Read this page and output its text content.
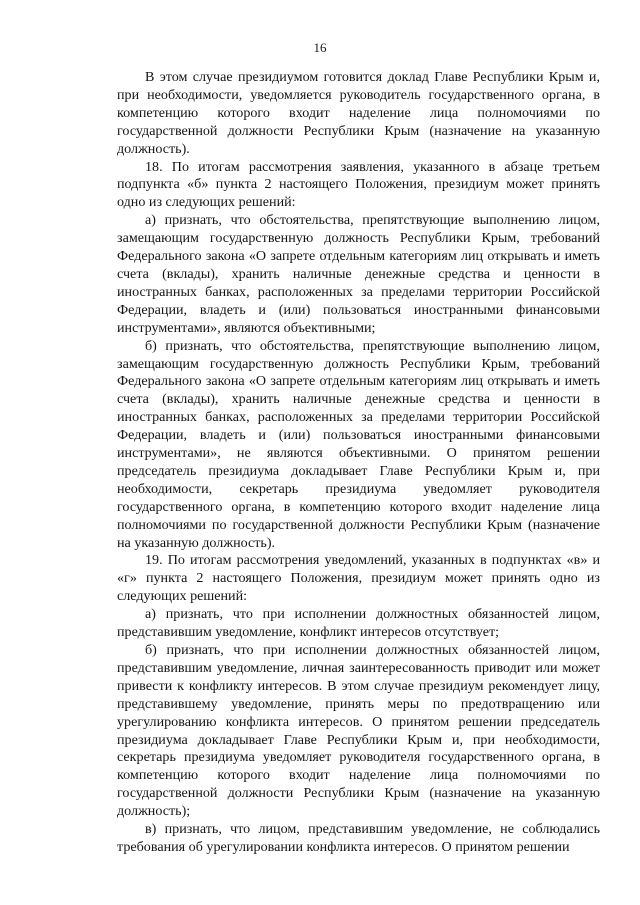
16

В этом случае президиумом готовится доклад Главе Республики Крым и, при необходимости, уведомляется руководитель государственного органа, в компетенцию которого входит наделение лица полномочиями по государственной должности Республики Крым (назначение на указанную должность).

18. По итогам рассмотрения заявления, указанного в абзаце третьем подпункта «б» пункта 2 настоящего Положения, президиум может принять одно из следующих решений:

а) признать, что обстоятельства, препятствующие выполнению лицом, замещающим государственную должность Республики Крым, требований Федерального закона «О запрете отдельным категориям лиц открывать и иметь счета (вклады), хранить наличные денежные средства и ценности в иностранных банках, расположенных за пределами территории Российской Федерации, владеть и (или) пользоваться иностранными финансовыми инструментами», являются объективными;

б) признать, что обстоятельства, препятствующие выполнению лицом, замещающим государственную должность Республики Крым, требований Федерального закона «О запрете отдельным категориям лиц открывать и иметь счета (вклады), хранить наличные денежные средства и ценности в иностранных банках, расположенных за пределами территории Российской Федерации, владеть и (или) пользоваться иностранными финансовыми инструментами», не являются объективными. О принятом решении председатель президиума докладывает Главе Республики Крым и, при необходимости, секретарь президиума уведомляет руководителя государственного органа, в компетенцию которого входит наделение лица полномочиями по государственной должности Республики Крым (назначение на указанную должность).

19. По итогам рассмотрения уведомлений, указанных в подпунктах «в» и «г» пункта 2 настоящего Положения, президиум может принять одно из следующих решений:

а) признать, что при исполнении должностных обязанностей лицом, представившим уведомление, конфликт интересов отсутствует;

б) признать, что при исполнении должностных обязанностей лицом, представившим уведомление, личная заинтересованность приводит или может привести к конфликту интересов. В этом случае президиум рекомендует лицу, представившему уведомление, принять меры по предотвращению или урегулированию конфликта интересов. О принятом решении председатель президиума докладывает Главе Республики Крым и, при необходимости, секретарь президиума уведомляет руководителя государственного органа, в компетенцию которого входит наделение лица полномочиями по государственной должности Республики Крым (назначение на указанную должность);

в) признать, что лицом, представившим уведомление, не соблюдались требования об урегулировании конфликта интересов. О принятом решении
